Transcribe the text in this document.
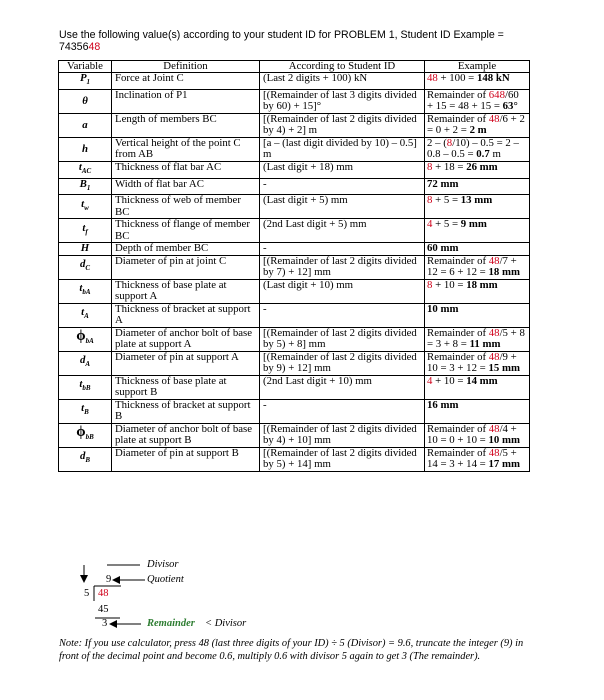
Use the following value(s) according to your student ID for PROBLEM 1, Student ID Example =
7435648
Variable	Definition	According to Student ID	Example
$P_1$	Force at Joint C	(Last 2 digits + 100) kN	48 + 100 = 148 kN
θ	Inclination of P1	[(Remainder of last 3 digits divided by 60) + 15]°	Remainder of 648/60 + 15 = 48 + 15 = 63°
a	Length of members BC	[(Remainder of last 2 digits divided by 4) + 2] m	Remainder of 48/6 + 2 = 0 + 2 = 2 m
h	Vertical height of the point C from AB	[a – (last digit divided by 10) – 0.5] m	2 – (8/10) – 0.5 = 2 – 0.8 – 0.5 = 0.7 m
$t_{AC}$	Thickness of flat bar AC	(Last digit + 18) mm	8 + 18 = 26 mm
$B_1$	Width of flat bar AC	-	72 mm
$t_w$	Thickness of web of member BC	(Last digit + 5) mm	8 + 5 = 13 mm
$t_f$	Thickness of flange of member BC	(2nd Last digit + 5) mm	4 + 5 = 9 mm
H	Depth of member BC	-	60 mm
$d_C$	Diameter of pin at joint C	[(Remainder of last 2 digits divided by 7) + 12] mm	Remainder of 48/7 + 12 = 6 + 12 = 18 mm
$t_{bA}$	Thickness of base plate at support A	(Last digit + 10) mm	8 + 10 = 18 mm
$t_A$	Thickness of bracket at support A	-	10 mm
$\phi_{bA}$	Diameter of anchor bolt of base plate at support A	[(Remainder of last 2 digits divided by 5) + 8] mm	Remainder of 48/5 + 8 = 3 + 8 = 11 mm
$d_A$	Diameter of pin at support A	[(Remainder of last 2 digits divided by 9) + 12] mm	Remainder of 48/9 + 10 = 3 + 12 = 15 mm
$t_{bB}$	Thickness of base plate at support B	(2nd Last digit + 10) mm	4 + 10 = 14 mm
$t_B$	Thickness of bracket at support B	-	16 mm
$\phi_{bB}$	Diameter of anchor bolt of base plate at support B	[(Remainder of last 2 digits divided by 4) + 10] mm	Remainder of 48/4 + 10 = 0 + 10 = 10 mm
$d_B$	Diameter of pin at support B	[(Remainder of last 2 digits divided by 5) + 14] mm	Remainder of 48/5 + 14 = 3 + 14 = 17 mm
Divisor
Quotient
9
5 48
45
3	Remainder < Divisor
Note: If you use calculator, press 48 (last three digits of your ID) ÷ 5 (Divisor) = 9.6, truncate the integer (9) in front of the decimal point and become 0.6, multiply 0.6 with divisor 5 again to get 3 (The remainder).
